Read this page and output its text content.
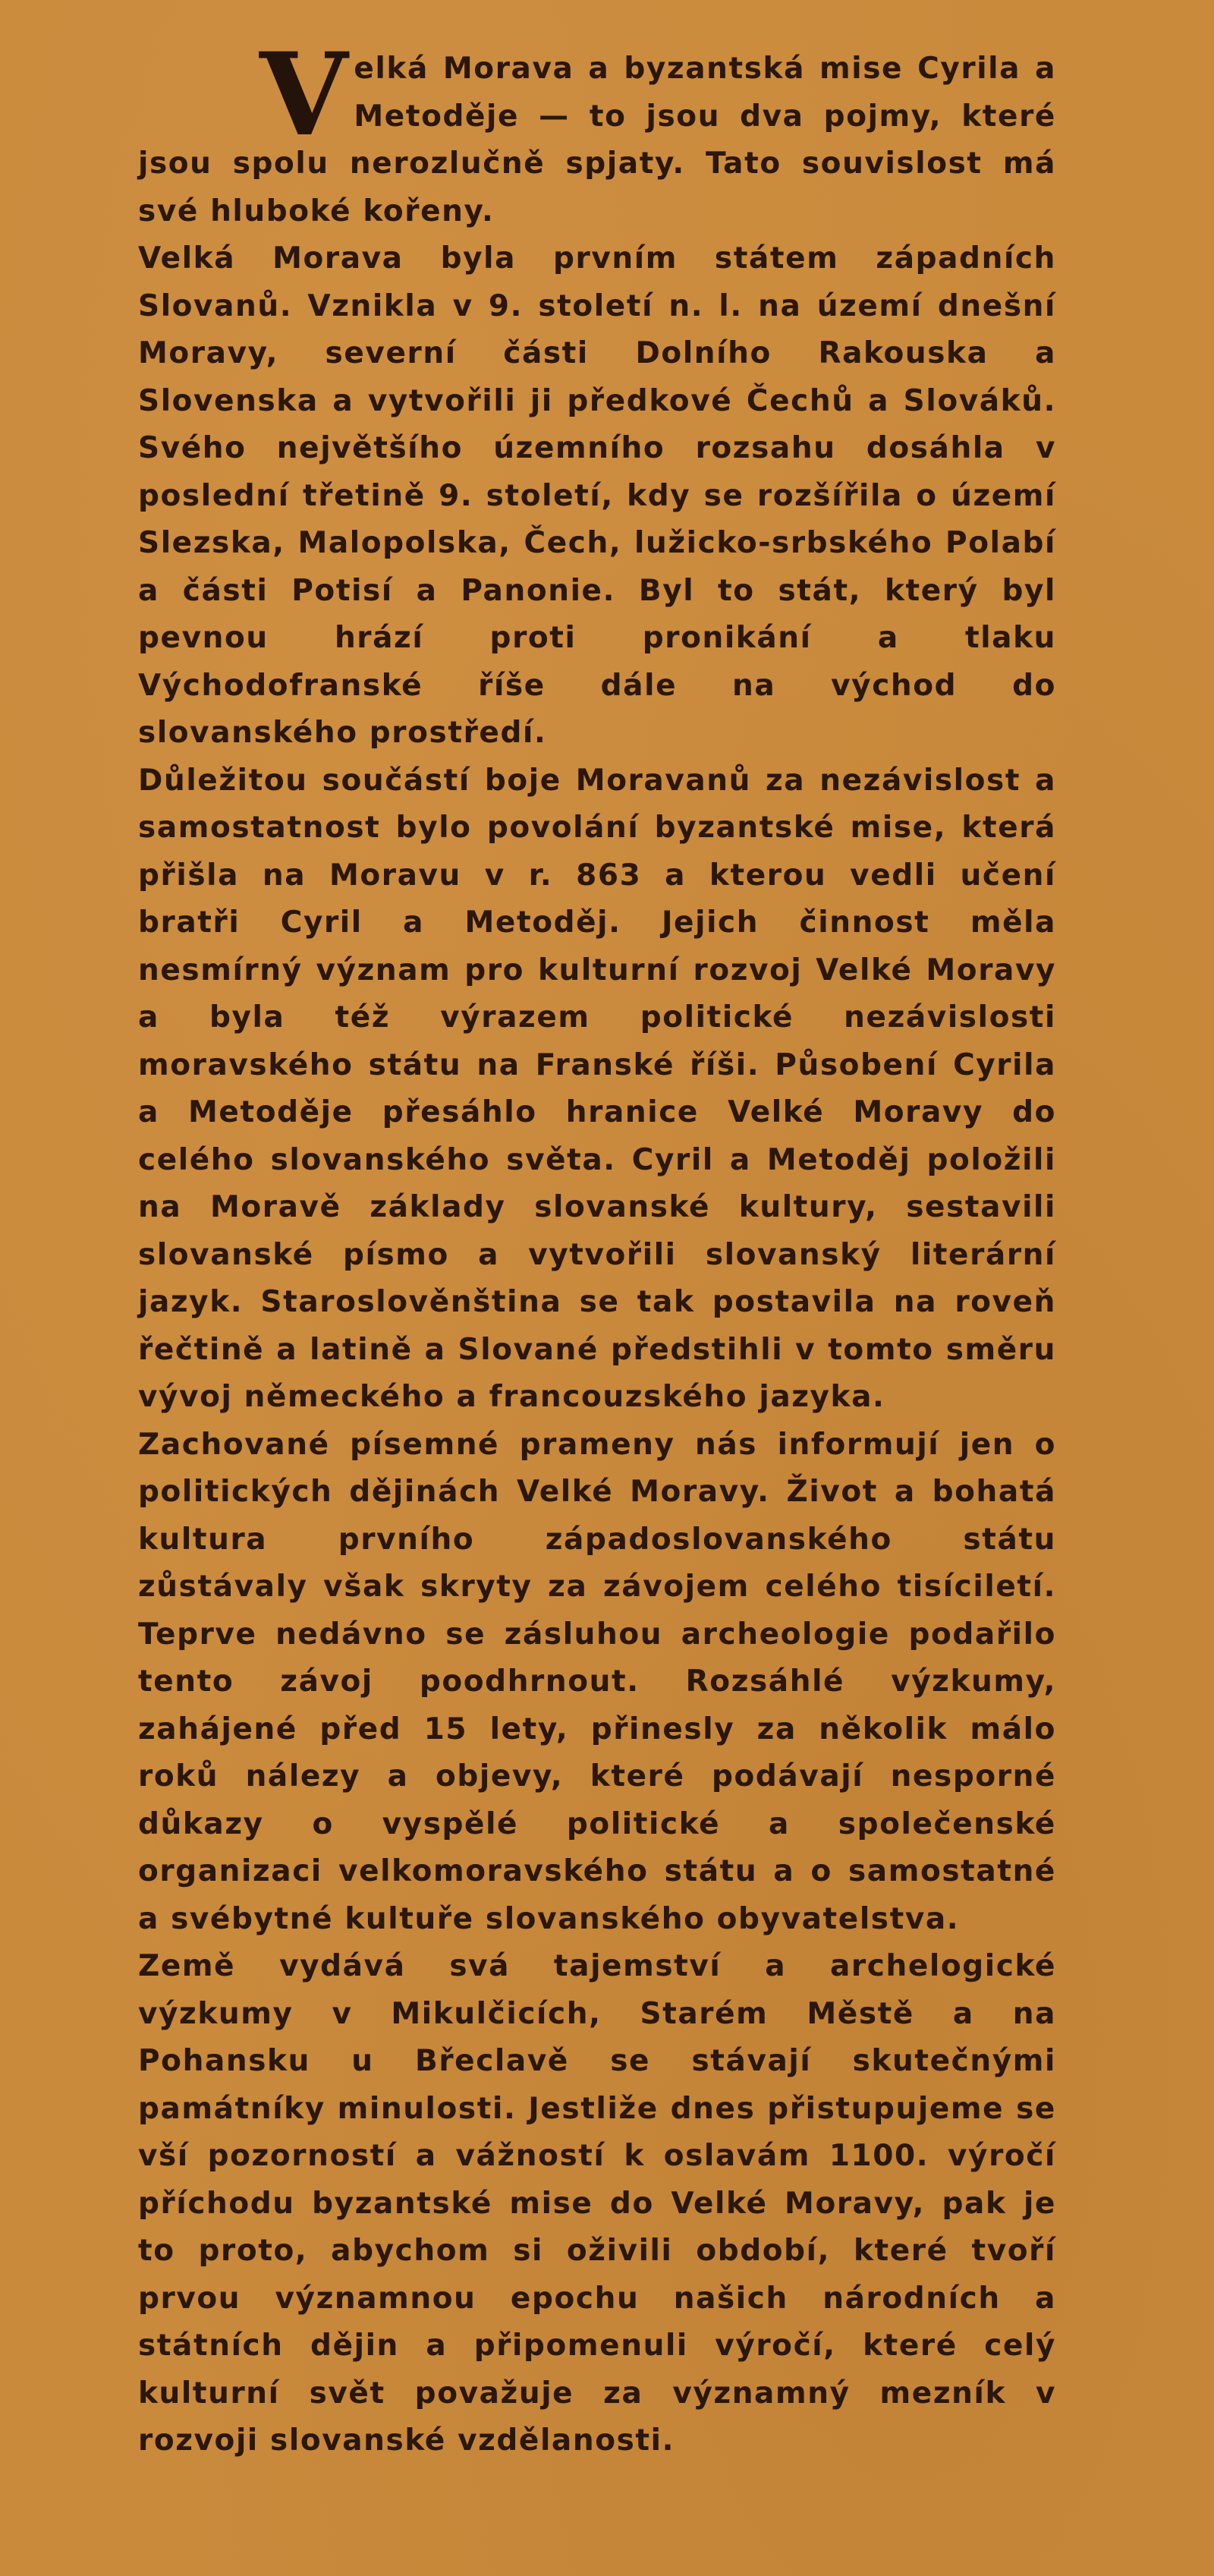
Velká Morava a byzantská mise Cyrila a Metoděje — to jsou dva pojmy, které jsou spolu nerozlučně spjaty. Tato souvislost má své hluboké kořeny.

Velká Morava byla prvním státem západních Slovanů. Vznikla v 9. století n. l. na území dnešní Moravy, severní části Dolního Rakouska a Slovenska a vytvořili ji předkové Čechů a Slováků. Svého největšího územního rozsahu dosáhla v poslední třetině 9. století, kdy se rozšířila o území Slezska, Malopolska, Čech, lužicko-srbského Polabí a části Potisí a Panonie. Byl to stát, který byl pevnou hrází proti pronikání a tlaku Východofranské říše dále na východ do slovanského prostředí.

Důležitou součástí boje Moravanů za nezávislost a samostatnost bylo povolání byzantské mise, která přišla na Moravu v r. 863 a kterou vedli učení bratři Cyril a Metoděj. Jejich činnost měla nesmírný význam pro kulturní rozvoj Velké Moravy a byla též výrazem politické nezávislosti moravského státu na Franské říši. Působení Cyrila a Metoděje přesáhlo hranice Velké Moravy do celého slovanského světa. Cyril a Metoděj položili na Moravě základy slovanské kultury, sestavili slovanské písmo a vytvořili slovanský literární jazyk. Staroslověnština se tak postavila na roveň řečtině a latině a Slované předstihli v tomto směru vývoj německého a francouzského jazyka.

Zachované písemné prameny nás informují jen o politických dějinách Velké Moravy. Život a bohatá kultura prvního západoslovanského státu zůstávaly však skryty za závojem celého tisíciletí. Teprve nedávno se zásluhou archeologie podařilo tento závoj poodhrnout. Rozsáhlé výzkumy, zahájené před 15 lety, přinesly za několik málo roků nálezy a objevy, které podávají nesporné důkazy o vyspělé politické a společenské organizaci velkomoravského státu a o samostatné a svébytné kultuře slovanského obyvatelstva.

Země vydává svá tajemství a archelogické výzkumy v Mikulčicích, Starém Městě a na Pohansku u Břeclavě se stávají skutečnými památníky minulosti. Jestliže dnes přistupujeme se vší pozorností a vážností k oslavám 1100. výročí příchodu byzantské mise do Velké Moravy, pak je to proto, abychom si oživili období, které tvoří prvou významnou epochu našich národních a státních dějin a připomenuli výročí, které celý kulturní svět považuje za významný mezník v rozvoji slovanské vzdělanosti.
